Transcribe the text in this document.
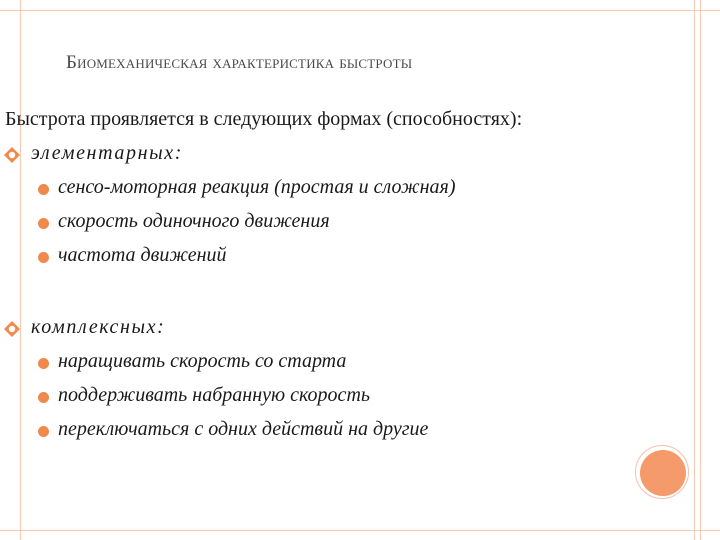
Биомеханическая характеристика быстроты
Быстрота проявляется в следующих формах (способностях):
элементарных:
сенсо-моторная реакция (простая и сложная)
скорость одиночного движения
частота движений
комплексных:
наращивать скорость со старта
поддерживать набранную скорость
переключаться с одних действий на другие
